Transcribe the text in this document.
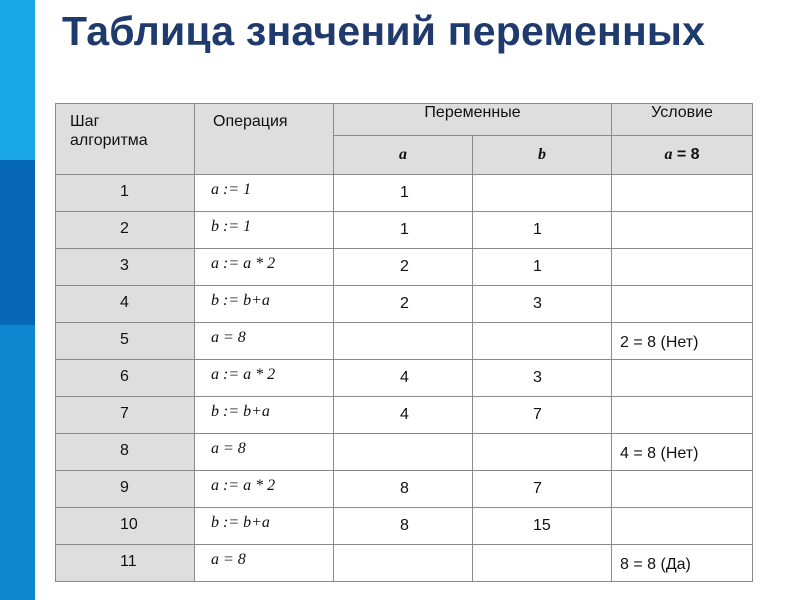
Таблица значений переменных
Шаг алгоритма	Операция	Переменные		Условие
		a	b	a = 8
1	a := 1	1		
2	b := 1	1	1	
3	a := a * 2	2	1	
4	b := b+a	2	3	
5	a = 8			2 = 8 (Нет)
6	a := a * 2	4	3	
7	b := b+a	4	7	
8	a = 8			4 = 8 (Нет)
9	a := a * 2	8	7	
10	b := b+a	8	15	
11	a = 8			8 = 8 (Да)
